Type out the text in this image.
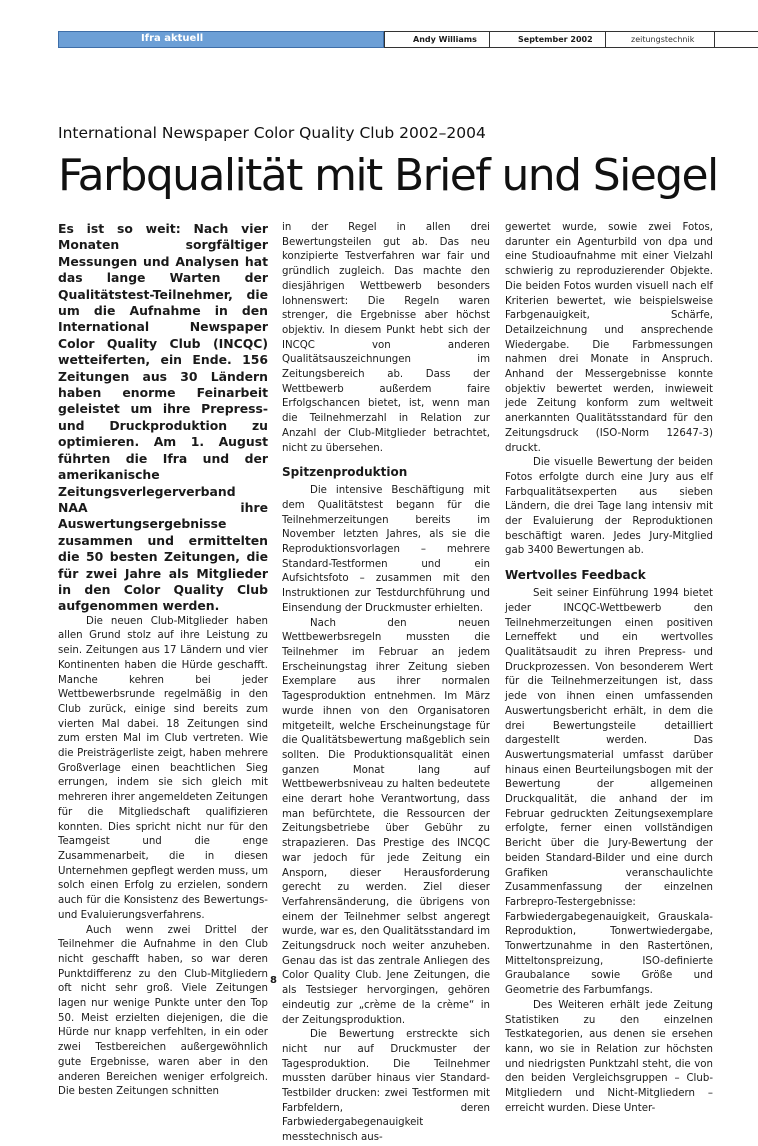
Ifra aktuell	Andy Williams	September 2002	zeitungstechnik
International Newspaper Color Quality Club 2002–2004
Farbqualität mit Brief und Siegel

Es ist so weit: Nach vier Monaten sorgfältiger Messungen und Analysen hat das lange Warten der Qualitätstest-Teilnehmer, die um die Aufnahme in den International Newspaper Color Quality Club (INCQC) wetteiferten, ein Ende. 156 Zeitungen aus 30 Ländern haben enorme Feinarbeit geleistet um ihre Prepress- und Druckproduktion zu optimieren. Am 1. August führten die Ifra und der amerikanische Zeitungsverlegerverband NAA ihre Auswertungsergebnisse zusammen und ermittelten die 50 besten Zeitungen, die für zwei Jahre als Mitglieder in den Color Quality Club aufgenommen werden.

Die neuen Club-Mitglieder haben allen Grund stolz auf ihre Leistung zu sein. Zeitungen aus 17 Ländern und vier Kontinenten haben die Hürde geschafft. Manche kehren bei jeder Wettbewerbsrunde regelmäßig in den Club zurück, einige sind bereits zum vierten Mal dabei. 18 Zeitungen sind zum ersten Mal im Club vertreten. Wie die Preisträgerliste zeigt, haben mehrere Großverlage einen beachtlichen Sieg errungen, indem sie sich gleich mit mehreren ihrer angemeldeten Zeitungen für die Mitgliedschaft qualifizieren konnten. Dies spricht nicht nur für den Teamgeist und die enge Zusammenarbeit, die in diesen Unternehmen gepflegt werden muss, um solch einen Erfolg zu erzielen, sondern auch für die Konsistenz des Bewertungs- und Evaluierungsverfahrens.

Auch wenn zwei Drittel der Teilnehmer die Aufnahme in den Club nicht geschafft haben, so war deren Punktdifferenz zu den Club-Mitgliedern oft nicht sehr groß. Viele Zeitungen lagen nur wenige Punkte unter den Top 50. Meist erzielten diejenigen, die die Hürde nur knapp verfehlten, in ein oder zwei Testbereichen außergewöhnlich gute Ergebnisse, waren aber in den anderen Bereichen weniger erfolgreich. Die besten Zeitungen schnitten

in der Regel in allen drei Bewertungsteilen gut ab. Das neu konzipierte Testverfahren war fair und gründlich zugleich. Das machte den diesjährigen Wettbewerb besonders lohnenswert: Die Regeln waren strenger, die Ergebnisse aber höchst objektiv. In diesem Punkt hebt sich der INCQC von anderen Qualitätsauszeichnungen im Zeitungsbereich ab. Dass der Wettbewerb außerdem faire Erfolgschancen bietet, ist, wenn man die Teilnehmerzahl in Relation zur Anzahl der Club-Mitglieder betrachtet, nicht zu übersehen.

Spitzenproduktion

Die intensive Beschäftigung mit dem Qualitätstest begann für die Teilnehmerzeitungen bereits im November letzten Jahres, als sie die Reproduktionsvorlagen – mehrere Standard-Testformen und ein Aufsichtsfoto – zusammen mit den Instruktionen zur Testdurchführung und Einsendung der Druckmuster erhielten.

Nach den neuen Wettbewerbsregeln mussten die Teilnehmer im Februar an jedem Erscheinungstag ihrer Zeitung sieben Exemplare aus ihrer normalen Tagesproduktion entnehmen. Im März wurde ihnen von den Organisatoren mitgeteilt, welche Erscheinungstage für die Qualitätsbewertung maßgeblich sein sollten. Die Produktionsqualität einen ganzen Monat lang auf Wettbewerbsniveau zu halten bedeutete eine derart hohe Verantwortung, dass man befürchtete, die Ressourcen der Zeitungsbetriebe über Gebühr zu strapazieren. Das Prestige des INCQC war jedoch für jede Zeitung ein Ansporn, dieser Herausforderung gerecht zu werden. Ziel dieser Verfahrensänderung, die übrigens von einem der Teilnehmer selbst angeregt wurde, war es, den Qualitätsstandard im Zeitungsdruck noch weiter anzuheben. Genau das ist das zentrale Anliegen des Color Quality Club. Jene Zeitungen, die als Testsieger hervorgingen, gehören eindeutig zur „crème de la crème“ in der Zeitungsproduktion.

Die Bewertung erstreckte sich nicht nur auf Druckmuster der Tagesproduktion. Die Teilnehmer mussten darüber hinaus vier Standard-Testbilder drucken: zwei Testformen mit Farbfeldern, deren Farbwiedergabegenauigkeit messtechnisch aus-

gewertet wurde, sowie zwei Fotos, darunter ein Agenturbild von dpa und eine Studioaufnahme mit einer Vielzahl schwierig zu reproduzierender Objekte. Die beiden Fotos wurden visuell nach elf Kriterien bewertet, wie beispielsweise Farbgenauigkeit, Schärfe, Detailzeichnung und ansprechende Wiedergabe. Die Farbmessungen nahmen drei Monate in Anspruch. Anhand der Messergebnisse konnte objektiv bewertet werden, inwieweit jede Zeitung konform zum weltweit anerkannten Qualitätsstandard für den Zeitungsdruck (ISO-Norm 12647-3) druckt.

Die visuelle Bewertung der beiden Fotos erfolgte durch eine Jury aus elf Farbqualitätsexperten aus sieben Ländern, die drei Tage lang intensiv mit der Evaluierung der Reproduktionen beschäftigt waren. Jedes Jury-Mitglied gab 3400 Bewertungen ab.

Wertvolles Feedback

Seit seiner Einführung 1994 bietet jeder INCQC-Wettbewerb den Teilnehmerzeitungen einen positiven Lerneffekt und ein wertvolles Qualitätsaudit zu ihren Prepress- und Druckprozessen. Von besonderem Wert für die Teilnehmerzeitungen ist, dass jede von ihnen einen umfassenden Auswertungsbericht erhält, in dem die drei Bewertungsteile detailliert dargestellt werden. Das Auswertungsmaterial umfasst darüber hinaus einen Beurteilungsbogen mit der Bewertung der allgemeinen Druckqualität, die anhand der im Februar gedruckten Zeitungsexemplare erfolgte, ferner einen vollständigen Bericht über die Jury-Bewertung der beiden Standard-Bilder und eine durch Grafiken veranschaulichte Zusammenfassung der einzelnen Farbrepro-Testergebnisse: Farbwiedergabegenauigkeit, Grauskala-Reproduktion, Tonwertwiedergabe, Tonwertzunahme in den Rastertönen, Mitteltonspreizung, ISO-definierte Graubalance sowie Größe und Geometrie des Farbumfangs.

Des Weiteren erhält jede Zeitung Statistiken zu den einzelnen Testkategorien, aus denen sie ersehen kann, wo sie in Relation zur höchsten und niedrigsten Punktzahl steht, die von den beiden Vergleichsgruppen – Club-Mitgliedern und Nicht-Mitgliedern – erreicht wurden. Diese Unter-

8
